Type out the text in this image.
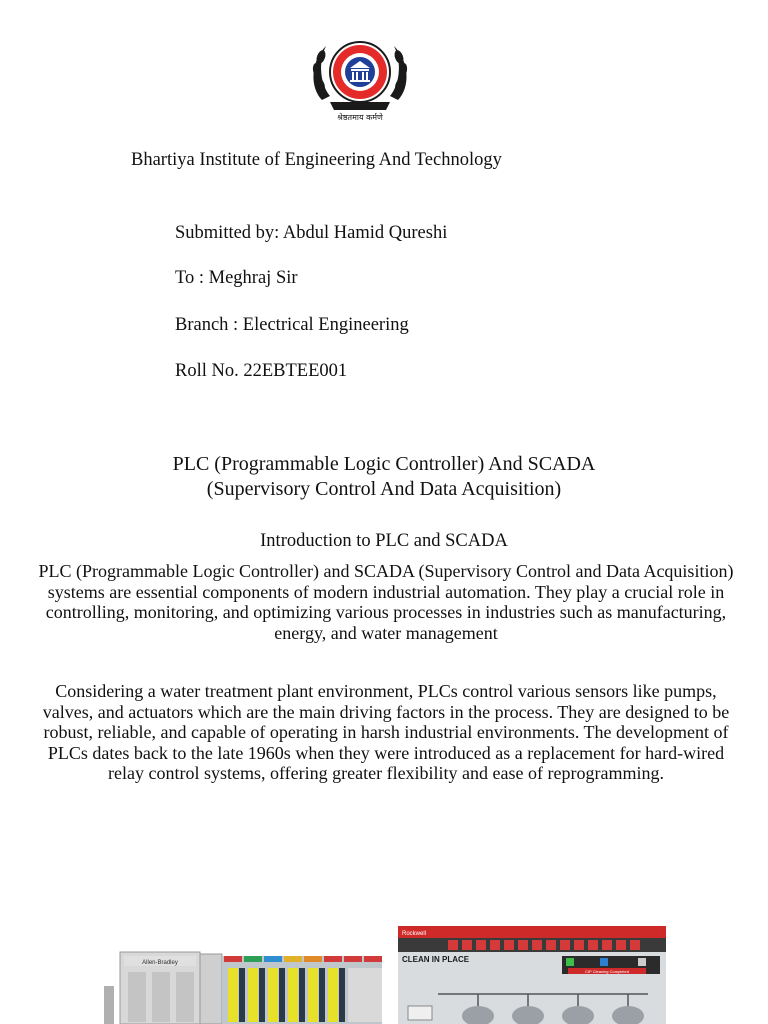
श्रेष्ठतमाय कर्मणे
Bhartiya Institute of Engineering And Technology
Submitted by: Abdul Hamid Qureshi
To : Meghraj Sir
Branch : Electrical Engineering
Roll No. 22EBTEE001
PLC (Programmable Logic Controller) And SCADA
(Supervisory Control And Data Acquisition)
Introduction to PLC and SCADA
PLC (Programmable Logic Controller) and SCADA (Supervisory Control and Data Acquisition) systems are essential components of modern industrial automation. They play a crucial role in controlling, monitoring, and optimizing various processes in industries such as manufacturing, energy, and water management
Considering a water treatment plant environment, PLCs control various sensors like pumps, valves, and actuators which are the main driving factors in the process. They are designed to be robust, reliable, and capable of operating in harsh industrial environments. The development of PLCs dates back to the late 1960s when they were introduced as a replacement for hard-wired relay control systems, offering greater flexibility and ease of reprogramming.
Allen-Bradley
Rockwell
CLEAN IN PLACE
CIP Cleaning Completed
